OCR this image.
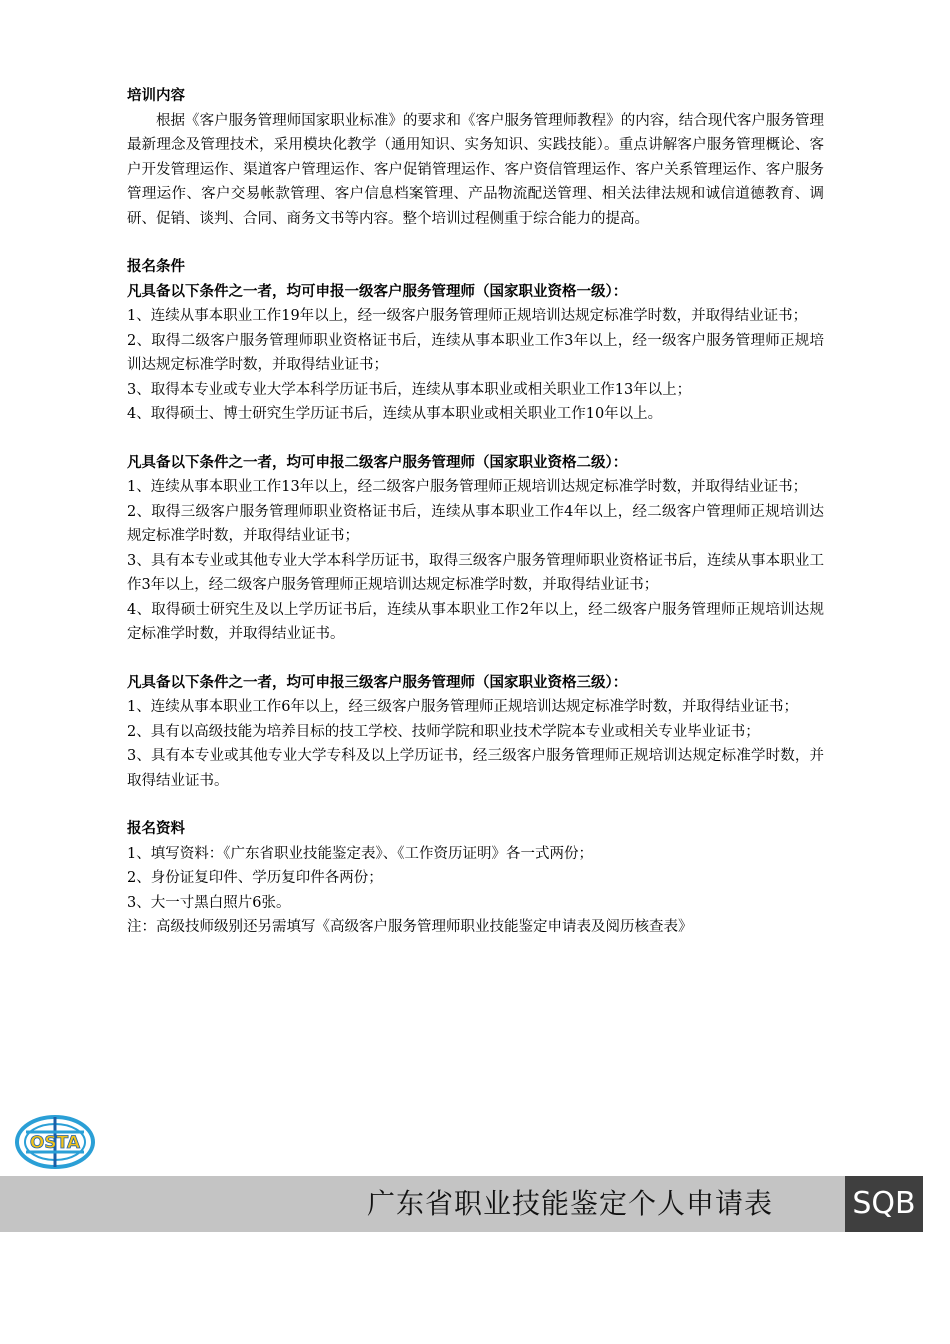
培训内容
根据《客户服务管理师国家职业标准》的要求和《客户服务管理师教程》的内容，结合现代客户服务管理最新理念及管理技术，采用模块化教学（通用知识、实务知识、实践技能）。重点讲解客户服务管理概论、客户开发管理运作、渠道客户管理运作、客户促销管理运作、客户资信管理运作、客户关系管理运作、客户服务管理运作、客户交易帐款管理、客户信息档案管理、产品物流配送管理、相关法律法规和诚信道德教育、调研、促销、谈判、合同、商务文书等内容。整个培训过程侧重于综合能力的提高。
报名条件
凡具备以下条件之一者，均可申报一级客户服务管理师（国家职业资格一级）：
1、连续从事本职业工作19年以上，经一级客户服务管理师正规培训达规定标准学时数，并取得结业证书；
2、取得二级客户服务管理师职业资格证书后，连续从事本职业工作3年以上，经一级客户服务管理师正规培训达规定标准学时数，并取得结业证书；
3、取得本专业或专业大学本科学历证书后，连续从事本职业或相关职业工作13年以上；
4、取得硕士、博士研究生学历证书后，连续从事本职业或相关职业工作10年以上。
凡具备以下条件之一者，均可申报二级客户服务管理师（国家职业资格二级）：
1、连续从事本职业工作13年以上，经二级客户服务管理师正规培训达规定标准学时数，并取得结业证书；
2、取得三级客户服务管理师职业资格证书后，连续从事本职业工作4年以上，经二级客户管理师正规培训达规定标准学时数，并取得结业证书；
3、具有本专业或其他专业大学本科学历证书，取得三级客户服务管理师职业资格证书后，连续从事本职业工作3年以上，经二级客户服务管理师正规培训达规定标准学时数，并取得结业证书；
4、取得硕士研究生及以上学历证书后，连续从事本职业工作2年以上，经二级客户服务管理师正规培训达规定标准学时数，并取得结业证书。
凡具备以下条件之一者，均可申报三级客户服务管理师（国家职业资格三级）：
1、连续从事本职业工作6年以上，经三级客户服务管理师正规培训达规定标准学时数，并取得结业证书；
2、具有以高级技能为培养目标的技工学校、技师学院和职业技术学院本专业或相关专业毕业证书；
3、具有本专业或其他专业大学专科及以上学历证书，经三级客户服务管理师正规培训达规定标准学时数，并取得结业证书。
报名资料
1、填写资料：《广东省职业技能鉴定表》、《工作资历证明》各一式两份；
2、身份证复印件、学历复印件各两份；
3、大一寸黑白照片6张。
注：高级技师级别还另需填写《高级客户服务管理师职业技能鉴定申请表及阅历核查表》
OSTA
广东省职业技能鉴定个人申请表	SQB
